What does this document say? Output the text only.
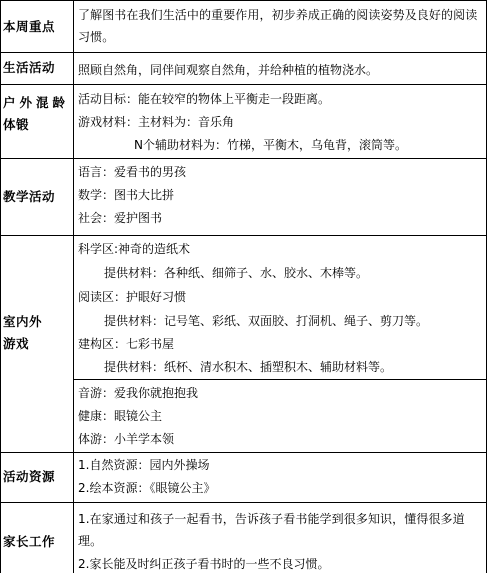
本周重点
了解图书在我们生活中的重要作用，初步养成正确的阅读姿势及良好的阅读习惯。
生活活动	照顾自然角，同伴间观察自然角，并给种植的植物浇水。
户外混龄
体锻
活动目标：能在较窄的物体上平衡走一段距离。
游戏材料：主材料为：音乐角
N个辅助材料为：竹梯，平衡木，乌龟背，滚筒等。
教学活动
语言：爱看书的男孩
数学：图书大比拼
社会：爱护图书
室内外
游戏
科学区:神奇的造纸术
提供材料：各种纸、细筛子、水、胶水、木棒等。
阅读区：护眼好习惯
提供材料：记号笔、彩纸、双面胶、打洞机、绳子、剪刀等。
建构区：七彩书屋
提供材料：纸杯、清水积木、插塑积木、辅助材料等。
音游：爱我你就抱抱我
健康：眼镜公主
体游：小羊学本领
活动资源
1.自然资源：园内外操场
2.绘本资源：《眼镜公主》
家长工作
1.在家通过和孩子一起看书，告诉孩子看书能学到很多知识，懂得很多道理。
2.家长能及时纠正孩子看书时的一些不良习惯。
